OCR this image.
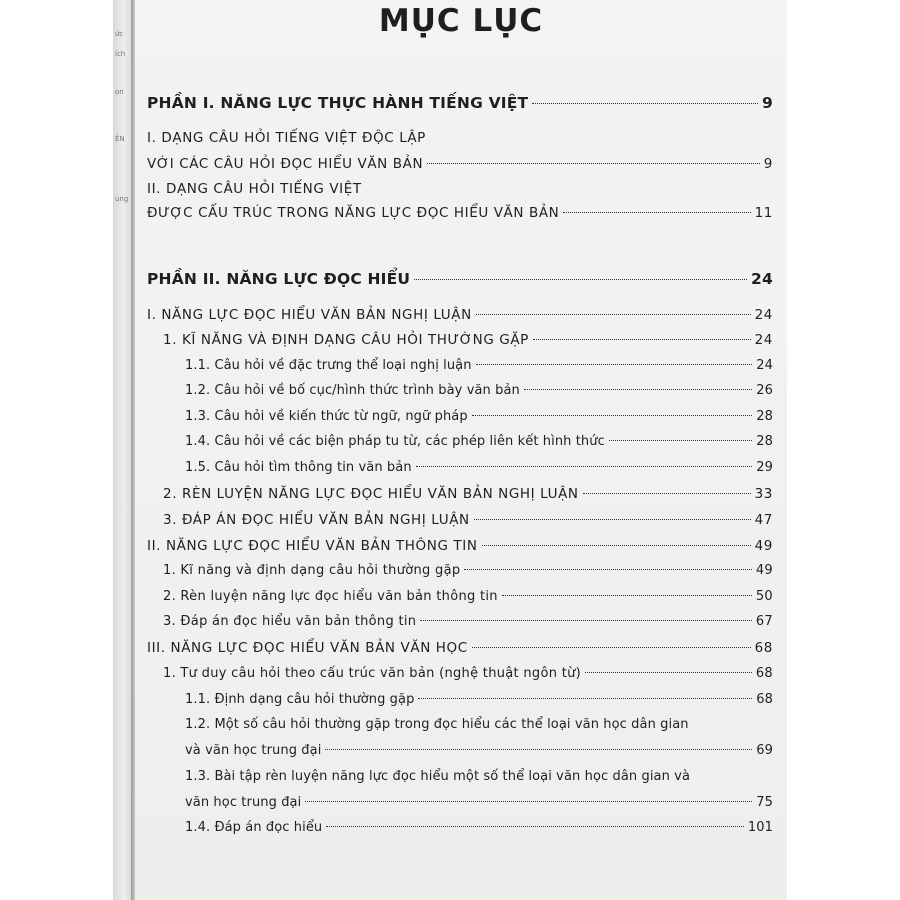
ức
ích
ọn
ÊN
ung
MỤC LỤC
PHẦN I. NĂNG LỰC THỰC HÀNH TIẾNG VIỆT	9
I. DẠNG CÂU HỎI TIẾNG VIỆT ĐỘC LẬP
VỚI CÁC CÂU HỎI ĐỌC HIỂU VĂN BẢN	9
II. DẠNG CÂU HỎI TIẾNG VIỆT
ĐƯỢC CẤU TRÚC TRONG NĂNG LỰC ĐỌC HIỂU VĂN BẢN	11
PHẦN II. NĂNG LỰC ĐỌC HIỂU	24
I. NĂNG LỰC ĐỌC HIỂU VĂN BẢN NGHỊ LUẬN	24
1. KĨ NĂNG VÀ ĐỊNH DẠNG CÂU HỎI THƯỜNG GẶP	24
1.1. Câu hỏi về đặc trưng thể loại nghị luận	24
1.2. Câu hỏi về bố cục/hình thức trình bày văn bản	26
1.3. Câu hỏi về kiến thức từ ngữ, ngữ pháp	28
1.4. Câu hỏi về các biện pháp tu từ, các phép liên kết hình thức	28
1.5. Câu hỏi tìm thông tin văn bản	29
2. RÈN LUYỆN NĂNG LỰC ĐỌC HIỂU VĂN BẢN NGHỊ LUẬN	33
3. ĐÁP ÁN ĐỌC HIỂU VĂN BẢN NGHỊ LUẬN	47
II. NĂNG LỰC ĐỌC HIỂU VĂN BẢN THÔNG TIN	49
1. Kĩ năng và định dạng câu hỏi thường gặp	49
2. Rèn luyện năng lực đọc hiểu văn bản thông tin	50
3. Đáp án đọc hiểu văn bản thông tin	67
III. NĂNG LỰC ĐỌC HIỂU VĂN BẢN VĂN HỌC	68
1. Tư duy câu hỏi theo cấu trúc văn bản (nghệ thuật ngôn từ)	68
1.1. Định dạng câu hỏi thường gặp	68
1.2. Một số câu hỏi thường gặp trong đọc hiểu các thể loại văn học dân gian
và văn học trung đại	69
1.3. Bài tập rèn luyện năng lực đọc hiểu một số thể loại văn học dân gian và
văn học trung đại	75
1.4. Đáp án đọc hiểu	101
